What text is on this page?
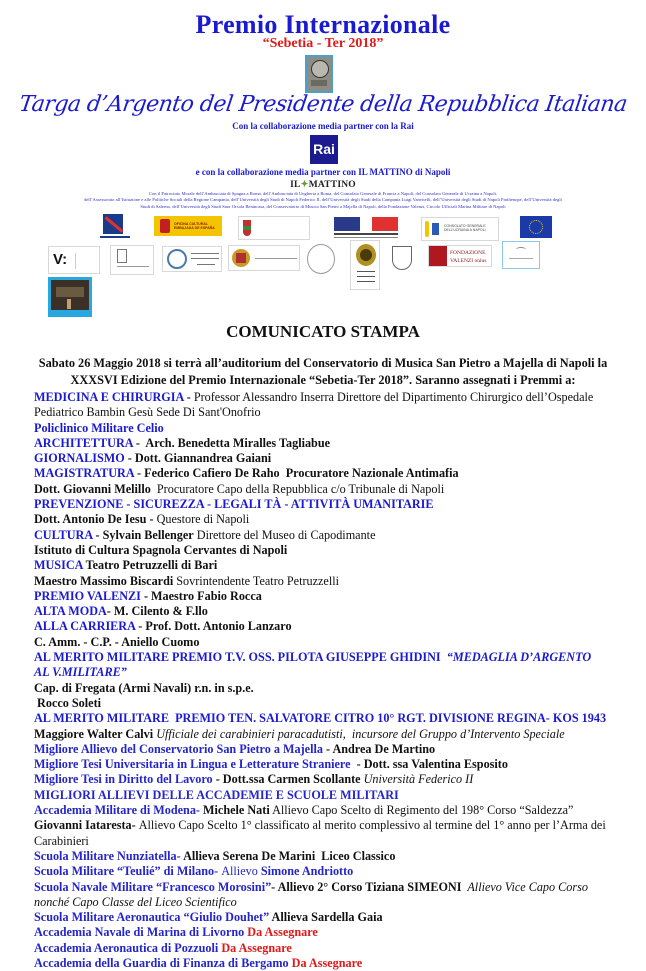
Premio Internazionale
“Sebetia - Ter 2018”
Targa d’Argento del Presidente della Repubblica Italiana
Con la collaborazione media partner con la Rai
Rai
e con la collaborazione media partner con IL MATTINO di Napoli
IL✦MATTINO
Con il Patrocinio Morale dell’Ambasciata di Spagna a Roma, dell’Ambasciata di Ungheria a Roma, del Consolato Generale di Francia a Napoli, del Consolato Generale di Ucraina a Napoli,
dell’Assessorato all’Istruzione e alle Politiche Sociali della Regione Campania, dell’Università degli Studi di Napoli Federico II, dell’Università degli Studi della Campania Luigi Vanvitelli, dell’Università degli Studi di Napoli Parthenope, dell’Università degli
Studi di Salerno, dell’Università degli Studi Suor Orsola Benincasa, del Conservatorio di Musica San Pietro a Majella di Napoli, della Fondazione Valenzi, Circolo Ufficiali Marina Militare di Napoli
OFICINA CULTURAL EMBAJADA DE ESPAÑA	CONSOLATO GENERALE DELL’UCRAINA A NAPOLI
V:	FONDAZIONE
VALENZI onlus
COMUNICATO STAMPA
Sabato 26 Maggio 2018 si terrà all’auditorium del Conservatorio di Musica San Pietro a Majella di Napoli la
XXXSVI Edizione del Premio Internazionale “Sebetia-Ter 2018”. Saranno assegnati i Premmi a:
MEDICINA E CHIRURGIA - Professor Alessandro Inserra Direttore del Dipartimento Chirurgico dell’Ospedale
Pediatrico Bambin Gesù Sede Di Sant'Onofrio
Policlinico Militare Celio
ARCHITETTURA -  Arch. Benedetta Miralles Tagliabue
GIORNALISMO - Dott. Giannandrea Gaiani
MAGISTRATURA - Federico Cafiero De Raho  Procuratore Nazionale Antimafia
Dott. Giovanni Melillo  Procuratore Capo della Repubblica c/o Tribunale di Napoli
PREVENZIONE - SICUREZZA - LEGALI TÀ - ATTIVITÀ UMANITARIE
Dott. Antonio De Iesu - Questore di Napoli
CULTURA - Sylvain Bellenger Direttore del Museo di Capodimante
Istituto di Cultura Spagnola Cervantes di Napoli
MUSICA Teatro Petruzzelli di Bari
Maestro Massimo Biscardi Sovrintendente Teatro Petruzzelli
PREMIO VALENZI - Maestro Fabio Rocca
ALTA MODA- M. Cilento & F.llo
ALLA CARRIERA - Prof. Dott. Antonio Lanzaro
C. Amm. - C.P. - Aniello Cuomo
AL MERITO MILITARE PREMIO T.V. OSS. PILOTA GIUSEPPE GHIDINI  “MEDAGLIA D’ARGENTO
AL V.MILITARE”
Cap. di Fregata (Armi Navali) r.n. in s.p.e.
Rocco Soleti
AL MERITO MILITARE  PREMIO TEN. SALVATORE CITRO 10° RGT. DIVISIONE REGINA- KOS 1943
Maggiore Walter Calvi Ufficiale dei carabinieri paracadutisti,  incursore del Gruppo d’Intervento Speciale
Migliore Allievo del Conservatorio San Pietro a Majella - Andrea De Martino
Migliore Tesi Universitaria in Lingua e Letterature Straniere  - Dott. ssa Valentina Esposito
Migliore Tesi in Diritto del Lavoro - Dott.ssa Carmen Scollante Università Federico II
MIGLIORI ALLIEVI DELLE ACCADEMIE E SCUOLE MILITARI
Accademia Militare di Modena- Michele Nati Allievo Capo Scelto di Regimento del 198° Corso “Saldezza”
Giovanni Iataresta- Allievo Capo Scelto 1° classificato al merito complessivo al termine del 1° anno per l’Arma dei
Carabinieri
Scuola Militare Nunziatella- Allieva Serena De Marini  Liceo Classico
Scuola Militare “Teulié” di Milano- Allievo Simone Andriotto
Scuola Navale Militare “Francesco Morosini”- Allievo 2° Corso Tiziana SIMEONI  Allievo Vice Capo Corso
nonché Capo Classe del Liceo Scientifico
Scuola Militare Aeronautica “Giulio Douhet” Allieva Sardella Gaia
Accademia Navale di Marina di Livorno Da Assegnare
Accademia Aeronautica di Pozzuoli Da Assegnare
Accademia della Guardia di Finanza di Bergamo Da Assegnare
